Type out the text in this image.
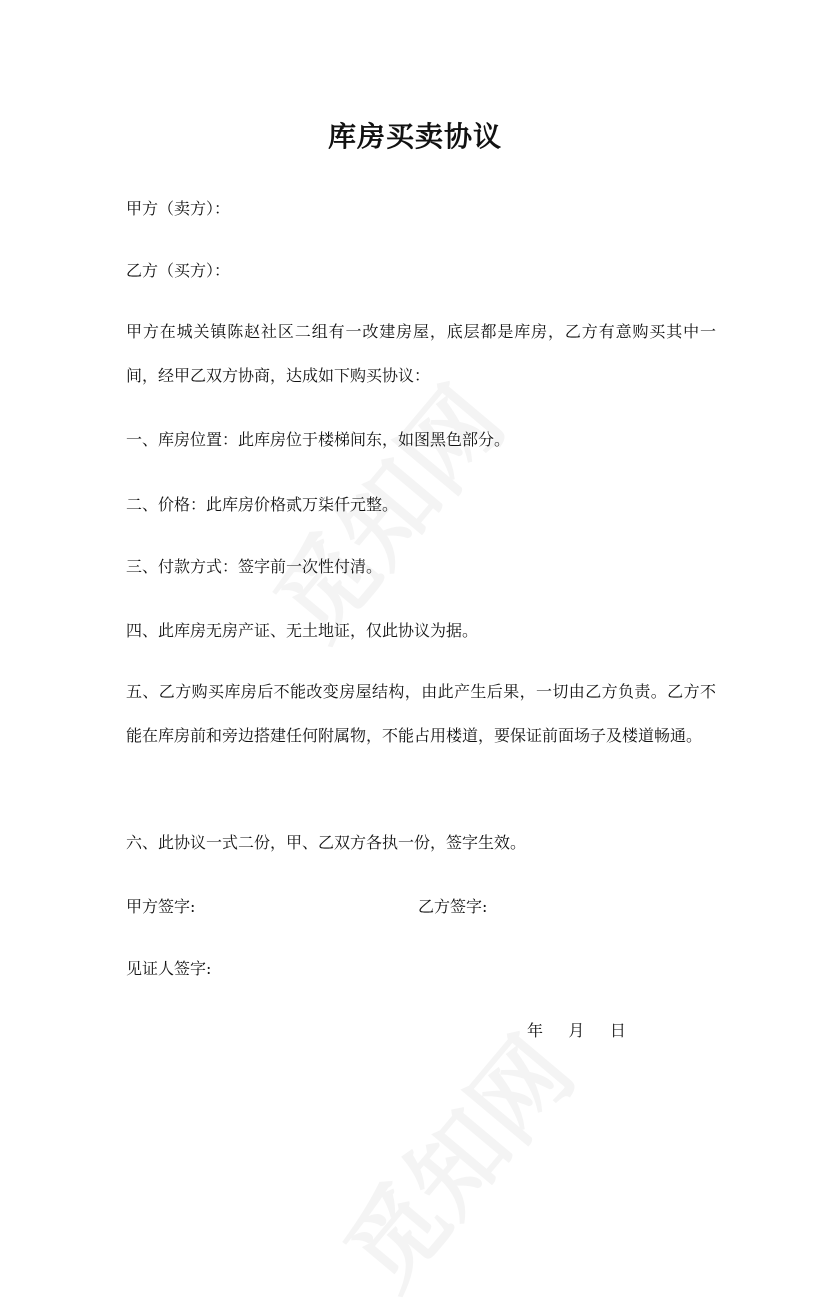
库房买卖协议
甲方（卖方）：
乙方（买方）：
甲方在城关镇陈赵社区二组有一改建房屋，底层都是库房，乙方有意购买其中一间，经甲乙双方协商，达成如下购买协议：
一、库房位置：此库房位于楼梯间东，如图黑色部分。
二、价格：此库房价格贰万柒仟元整。
三、付款方式：签字前一次性付清。
四、此库房无房产证、无土地证，仅此协议为据。
五、乙方购买库房后不能改变房屋结构，由此产生后果，一切由乙方负责。乙方不能在库房前和旁边搭建任何附属物，不能占用楼道，要保证前面场子及楼道畅通。
六、此协议一式二份，甲、乙双方各执一份，签字生效。
甲方签字:	乙方签字:
见证人签字:
年     月     日
